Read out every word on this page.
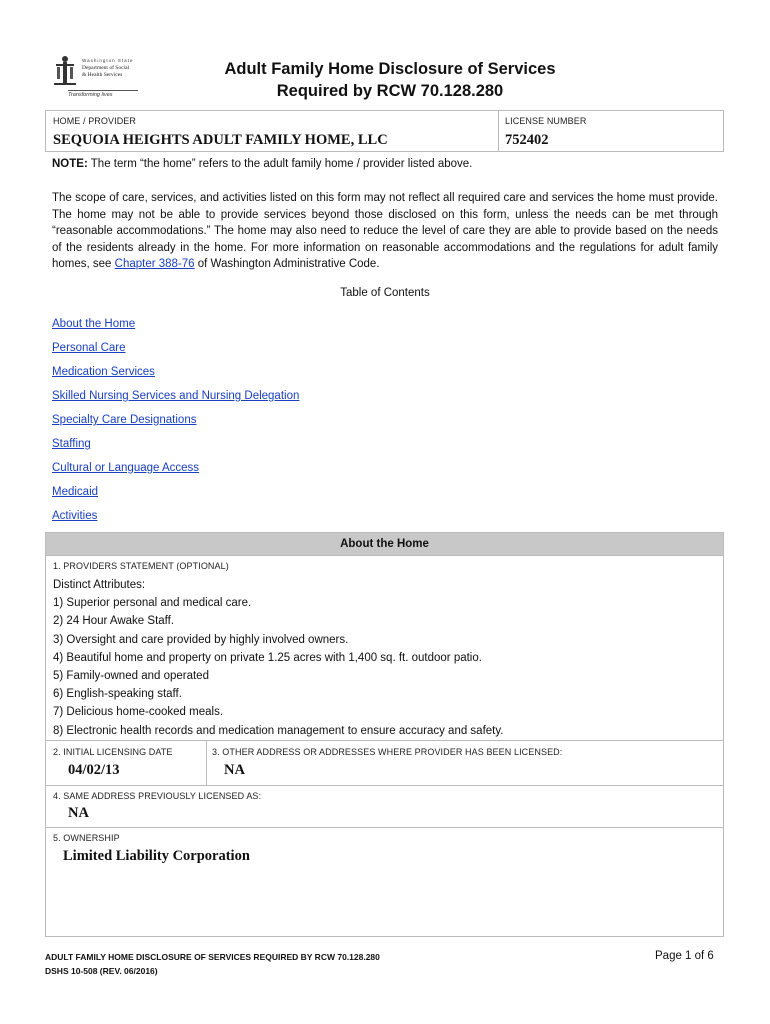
Washington State
Department of Social
& Health Services
Transforming lives
Adult Family Home Disclosure of Services
Required by RCW 70.128.280
HOME / PROVIDER
SEQUOIA HEIGHTS ADULT FAMILY HOME, LLC
LICENSE NUMBER
752402
NOTE: The term “the home” refers to the adult family home / provider listed above.
The scope of care, services, and activities listed on this form may not reflect all required care and services the home must provide. The home may not be able to provide services beyond those disclosed on this form, unless the needs can be met through “reasonable accommodations.” The home may also need to reduce the level of care they are able to provide based on the needs of the residents already in the home. For more information on reasonable accommodations and the regulations for adult family homes, see Chapter 388-76 of Washington Administrative Code.
Table of Contents
About the Home
Personal Care
Medication Services
Skilled Nursing Services and Nursing Delegation
Specialty Care Designations
Staffing
Cultural or Language Access
Medicaid
Activities
About the Home
1. PROVIDERS STATEMENT (OPTIONAL)
Distinct Attributes:
1) Superior personal and medical care.
2) 24 Hour Awake Staff.
3) Oversight and care provided by highly involved owners.
4) Beautiful home and property on private 1.25 acres with 1,400 sq. ft. outdoor patio.
5) Family-owned and operated
6) English-speaking staff.
7) Delicious home-cooked meals.
8) Electronic health records and medication management to ensure accuracy and safety.
2. INITIAL LICENSING DATE
04/02/13
3. OTHER ADDRESS OR ADDRESSES WHERE PROVIDER HAS BEEN LICENSED:
NA
4. SAME ADDRESS PREVIOUSLY LICENSED AS:
NA
5. OWNERSHIP
Limited Liability Corporation
ADULT FAMILY HOME DISCLOSURE OF SERVICES REQUIRED BY RCW 70.128.280
DSHS 10-508 (REV. 06/2016)
Page 1 of 6
